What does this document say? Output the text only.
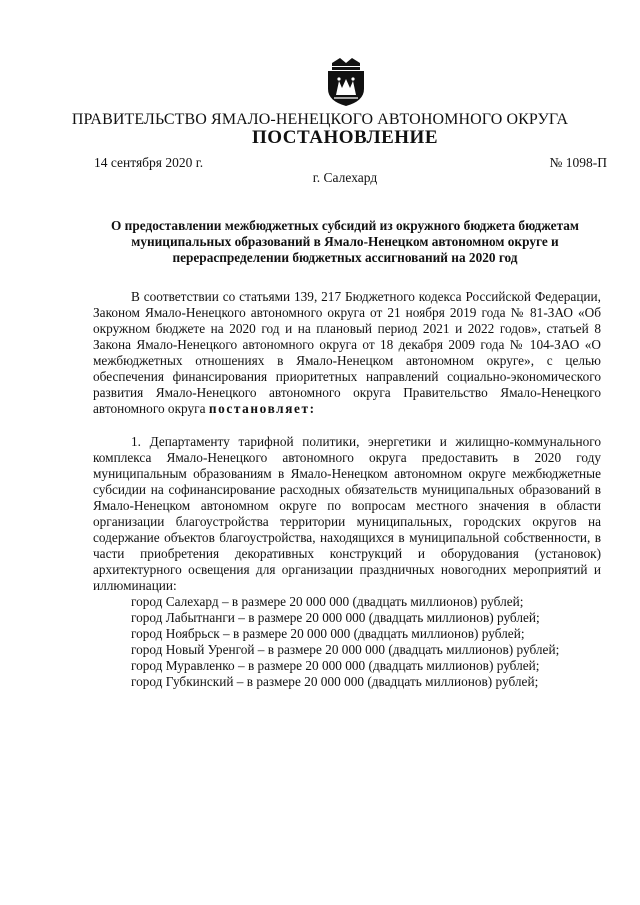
ПРАВИТЕЛЬСТВО ЯМАЛО-НЕНЕЦКОГО АВТОНОМНОГО ОКРУГА
ПОСТАНОВЛЕНИЕ
14 сентября 2020 г.	№ 1098-П
г. Салехард
О предоставлении межбюджетных субсидий из окружного бюджета бюджетам муниципальных образований в Ямало-Ненецком автономном округе и перераспределении бюджетных ассигнований на 2020 год

В соответствии со статьями 139, 217 Бюджетного кодекса Российской Федерации, Законом Ямало-Ненецкого автономного округа от 21 ноября 2019 года № 81-ЗАО «Об окружном бюджете на 2020 год и на плановый период 2021 и 2022 годов», статьей 8 Закона Ямало-Ненецкого автономного округа от 18 декабря 2009 года № 104-ЗАО «О межбюджетных отношениях в Ямало-Ненецком автономном округе», с целью обеспечения финансирования приоритетных направлений социально-экономического развития Ямало-Ненецкого автономного округа Правительство Ямало-Ненецкого автономного округа постановляет:

1. Департаменту тарифной политики, энергетики и жилищно-коммунального комплекса Ямало-Ненецкого автономного округа предоставить в 2020 году муниципальным образованиям в Ямало-Ненецком автономном округе межбюджетные субсидии на софинансирование расходных обязательств муниципальных образований в Ямало-Ненецком автономном округе по вопросам местного значения в области организации благоустройства территории муниципальных, городских округов на содержание объектов благоустройства, находящихся в муниципальной собственности, в части приобретения декоративных конструкций и оборудования (установок) архитектурного освещения для организации праздничных новогодних мероприятий и иллюминации:

город Салехард – в размере 20 000 000 (двадцать миллионов) рублей;
город Лабытнанги – в размере 20 000 000 (двадцать миллионов) рублей;
город Ноябрьск – в размере 20 000 000 (двадцать миллионов) рублей;
город Новый Уренгой – в размере 20 000 000 (двадцать миллионов) рублей;
город Муравленко – в размере 20 000 000 (двадцать миллионов) рублей;
город Губкинский – в размере 20 000 000 (двадцать миллионов) рублей;
